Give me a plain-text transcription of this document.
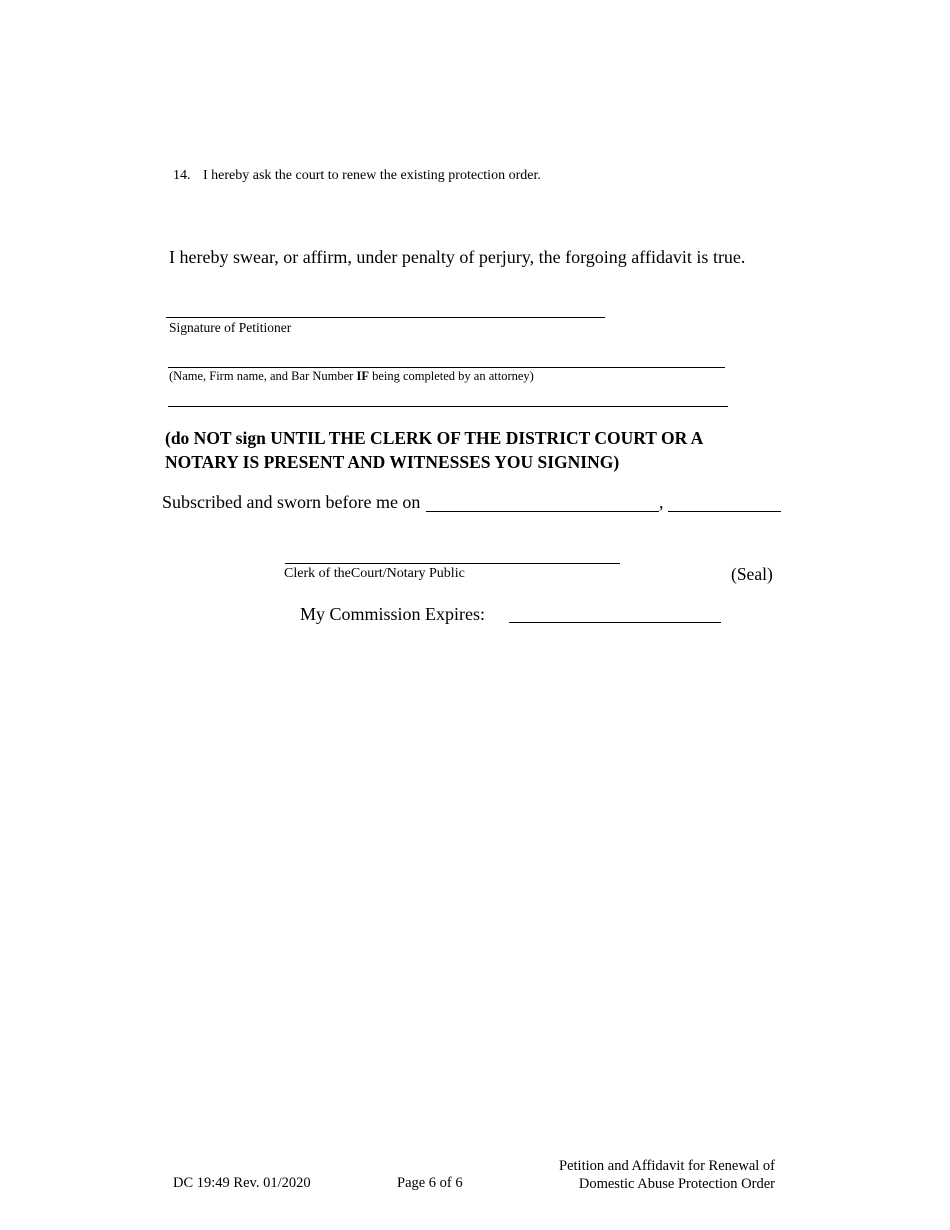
14. I hereby ask the court to renew the existing protection order.
I hereby swear, or affirm, under penalty of perjury, the forgoing affidavit is true.
Signature of Petitioner
(Name, Firm name, and Bar Number IF being completed by an attorney)
(do NOT sign UNTIL THE CLERK OF THE DISTRICT COURT OR A
NOTARY IS PRESENT AND WITNESSES YOU SIGNING)
Subscribed and sworn before me on	,
Clerk of theCourt/Notary Public	(Seal)
My Commission Expires:
DC 19:49 Rev. 01/2020	Page 6 of 6
Petition and Affidavit for Renewal of
Domestic Abuse Protection Order
